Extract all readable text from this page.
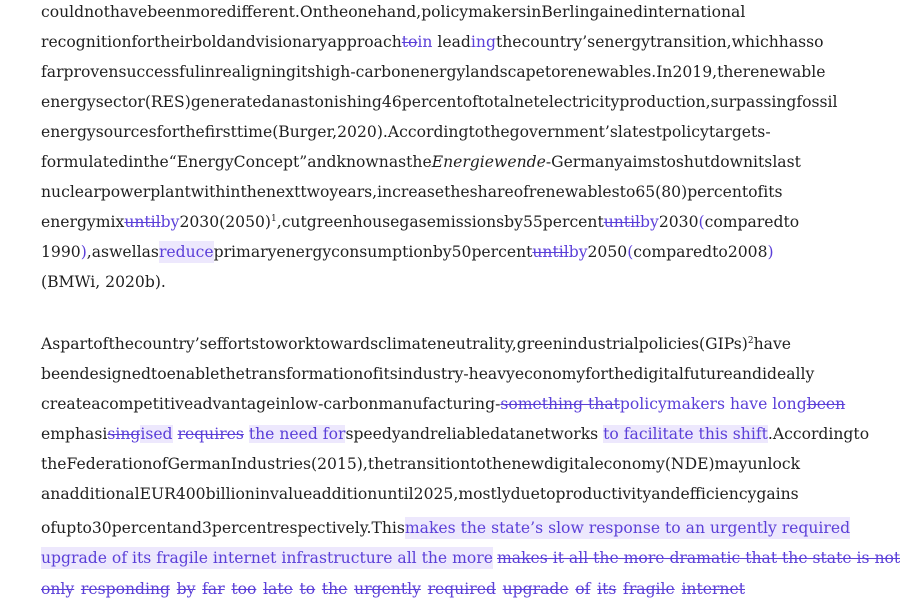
could not have been more different. On the one hand, policymakers in Berlin gained international
recognition for their bold and visionary approach toin leading the country’s energy transition, which has so
far proven successful in realigning its high-carbon energy landscape to renewables. In 2019, the renewable
energy sector (RES) generated an astonishing 46 percent of total net electricity production, surpassing fossil
energy sources for the first time (Burger, 2020). According to the government’s latest policy targets -
formulated in the “Energy Concept” and known as the Energiewende - Germany aims to shut down its last
nuclear power plant within the next two years, increase the share of renewables to 65 (80) percent of its
energy mix untilby 2030 $(2050)^1$, cut greenhouse gas emissions by 55 percent untilby 2030 (compared to
1990), as well as reduce primary energy consumption by 50 percent untilby 2050 (compared to 2008)
(BMWi, 2020b).
As part of the country’s efforts to work towards climate neutrality, green industrial policies (GIPs)$^2$ have
been designed to enable the transformation of its industry-heavy economy for the digital future and ideally
create a competitive advantage in low-carbon manufacturing - something thatpolicymakers have long been
emphasisingised requires the need for speedy and reliable data networks to facilitate this shift. According to
the Federation of German Industries (2015), the transition to the new digital economy (NDE) may unlock
an additional EUR 400 billion in value addition until 2025, mostly due to productivity and efficiency gains
of up to 30 percent and 3 percent respectively. This makes the state’s slow response to an urgently required
upgrade of its fragile internet infrastructure all the more makes it all the more dramatic that the state is not
only responding by far too late to the urgently required upgrade of its fragile internet
